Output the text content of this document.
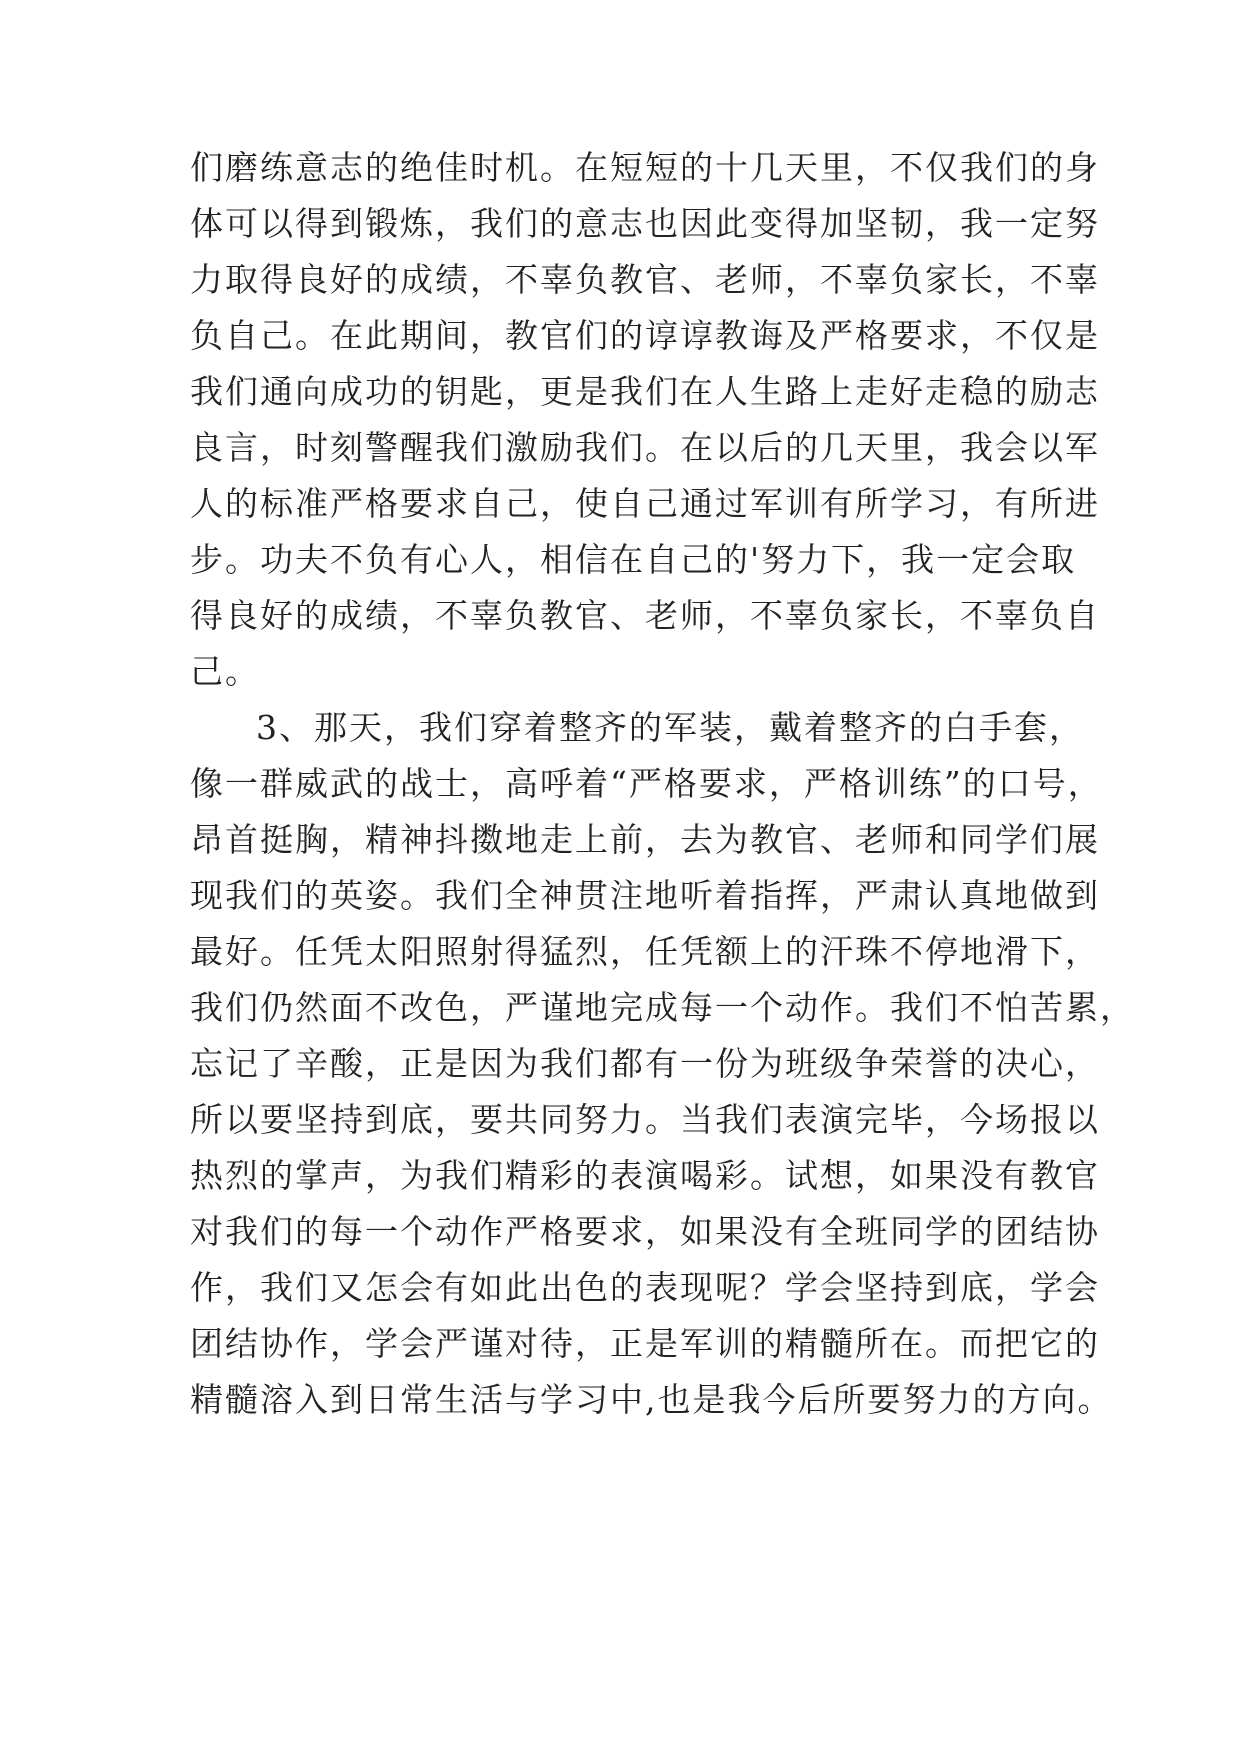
们磨练意志的绝佳时机。在短短的十几天里，不仅我们的身
体可以得到锻炼，我们的意志也因此变得加坚韧，我一定努
力取得良好的成绩，不辜负教官、老师，不辜负家长，不辜
负自己。在此期间，教官们的谆谆教诲及严格要求，不仅是
我们通向成功的钥匙，更是我们在人生路上走好走稳的励志
良言，时刻警醒我们激励我们。在以后的几天里，我会以军
人的标准严格要求自己，使自己通过军训有所学习，有所进
步。功夫不负有心人，相信在自己的'努力下，我一定会取
得良好的成绩，不辜负教官、老师，不辜负家长，不辜负自
己。
3、那天，我们穿着整齐的军装，戴着整齐的白手套，
像一群威武的战士，高呼着“严格要求，严格训练”的口号，
昂首挺胸，精神抖擞地走上前，去为教官、老师和同学们展
现我们的英姿。我们全神贯注地听着指挥，严肃认真地做到
最好。任凭太阳照射得猛烈，任凭额上的汗珠不停地滑下，
我们仍然面不改色，严谨地完成每一个动作。我们不怕苦累，
忘记了辛酸，正是因为我们都有一份为班级争荣誉的决心，
所以要坚持到底，要共同努力。当我们表演完毕，今场报以
热烈的掌声，为我们精彩的表演喝彩。试想，如果没有教官
对我们的每一个动作严格要求，如果没有全班同学的团结协
作，我们又怎会有如此出色的表现呢？学会坚持到底，学会
团结协作，学会严谨对待，正是军训的精髓所在。而把它的
精髓溶入到日常生活与学习中,也是我今后所要努力的方向。
